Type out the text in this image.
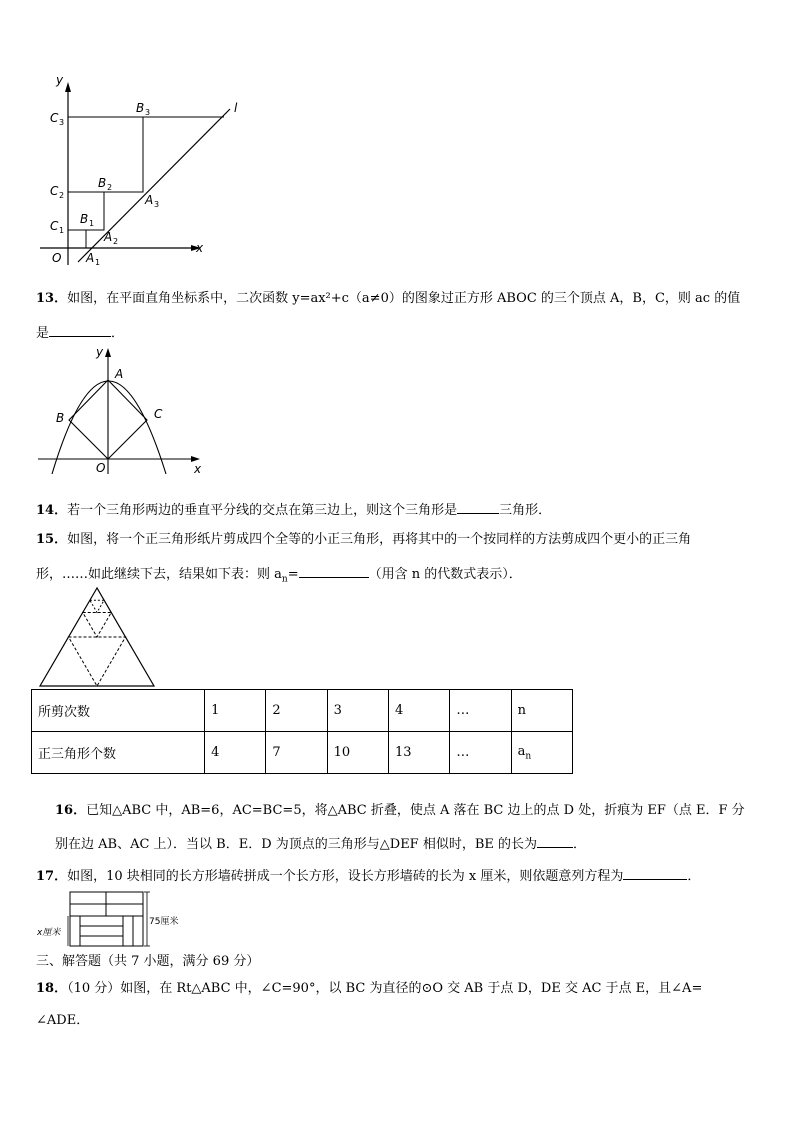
y
x
l
O
C 3
C 2
C 1
B 3
B 2
B 1
A 3
A 2
A 1
13．如图，在平面直角坐标系中，二次函数 y=ax²+c（a≠0）的图象过正方形 ABOC 的三个顶点 A，B，C，则 ac 的值
是	．
y
x
A
B	C
O
14．若一个三角形两边的垂直平分线的交点在第三边上，则这个三角形是	三角形．
15．如图，将一个正三角形纸片剪成四个全等的小正三角形，再将其中的一个按同样的方法剪成四个更小的正三角
形，……如此继续下去，结果如下表：则 $a_n=$	（用含 n 的代数式表示）．
所剪次数	1	2	3	4	…	n
正三角形个数	4	7	10	13	…	$a_n$
16．已知△ABC 中，AB=6，AC=BC=5，将△ABC 折叠，使点 A 落在 BC 边上的点 D 处，折痕为 EF（点 E．F 分
别在边 AB、AC 上）．当以 B．E．D 为顶点的三角形与△DEF 相似时，BE 的长为	．
17．如图，10 块相同的长方形墙砖拼成一个长方形，设长方形墙砖的长为 x 厘米，则依题意列方程为	．
x厘米
75厘米
三、解答题（共 7 小题，满分 69 分）
18．（10 分）如图，在 Rt△ABC 中，∠C=90°，以 BC 为直径的⊙O 交 AB 于点 D，DE 交 AC 于点 E，且∠A=
∠ADE．
